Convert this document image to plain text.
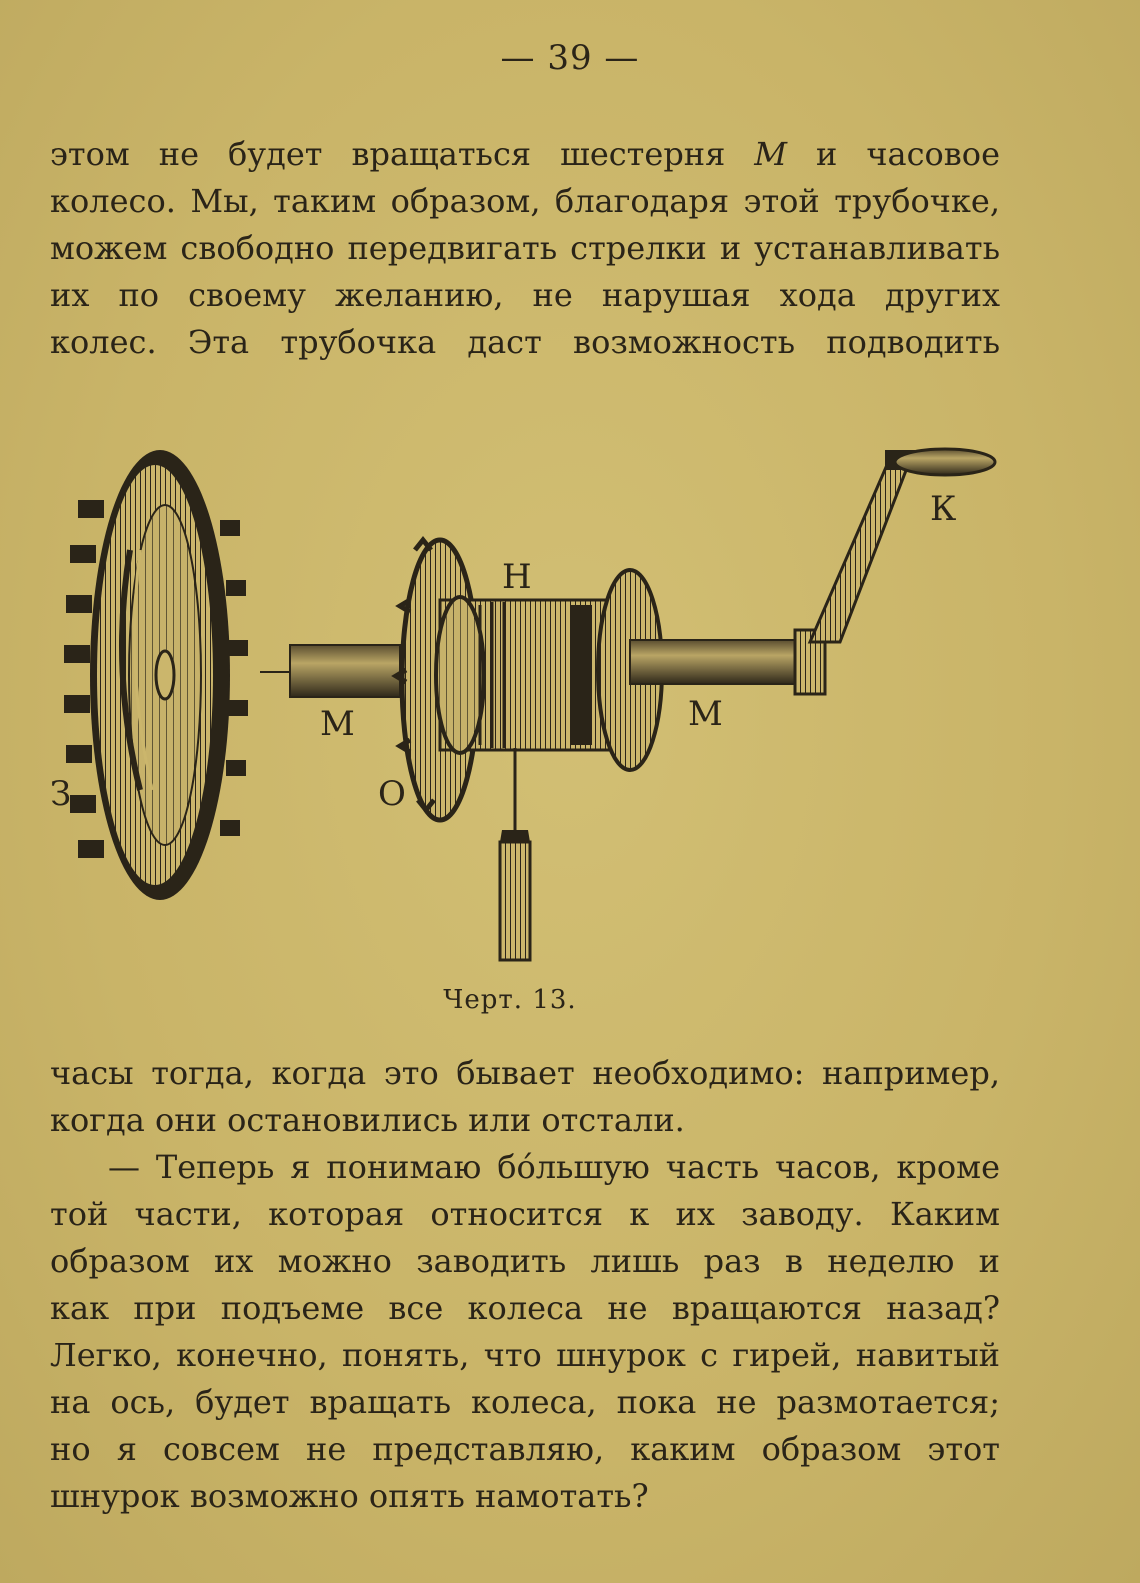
— 39 —
этом не будет вращаться шестерня М и часовое
колесо. Мы, таким образом, благодаря этой трубочке,
можем свободно передвигать стрелки и устанавливать
их по своему желанию, не нарушая хода других
колес. Эта трубочка даст возможность подводить
З	О
М
Н
М
К
Черт. 13.
часы тогда, когда это бывает необходимо: например,
когда они остановились или отстали.
— Теперь я понимаю бóльшую часть часов, кроме
той части, которая относится к их заводу. Каким
образом их можно заводить лишь раз в неделю и
как при подъеме все колеса не вращаются назад?
Легко, конечно, понять, что шнурок с гирей, навитый
на ось, будет вращать колеса, пока не размотается;
но я совсем не представляю, каким образом этот
шнурок возможно опять намотать?
